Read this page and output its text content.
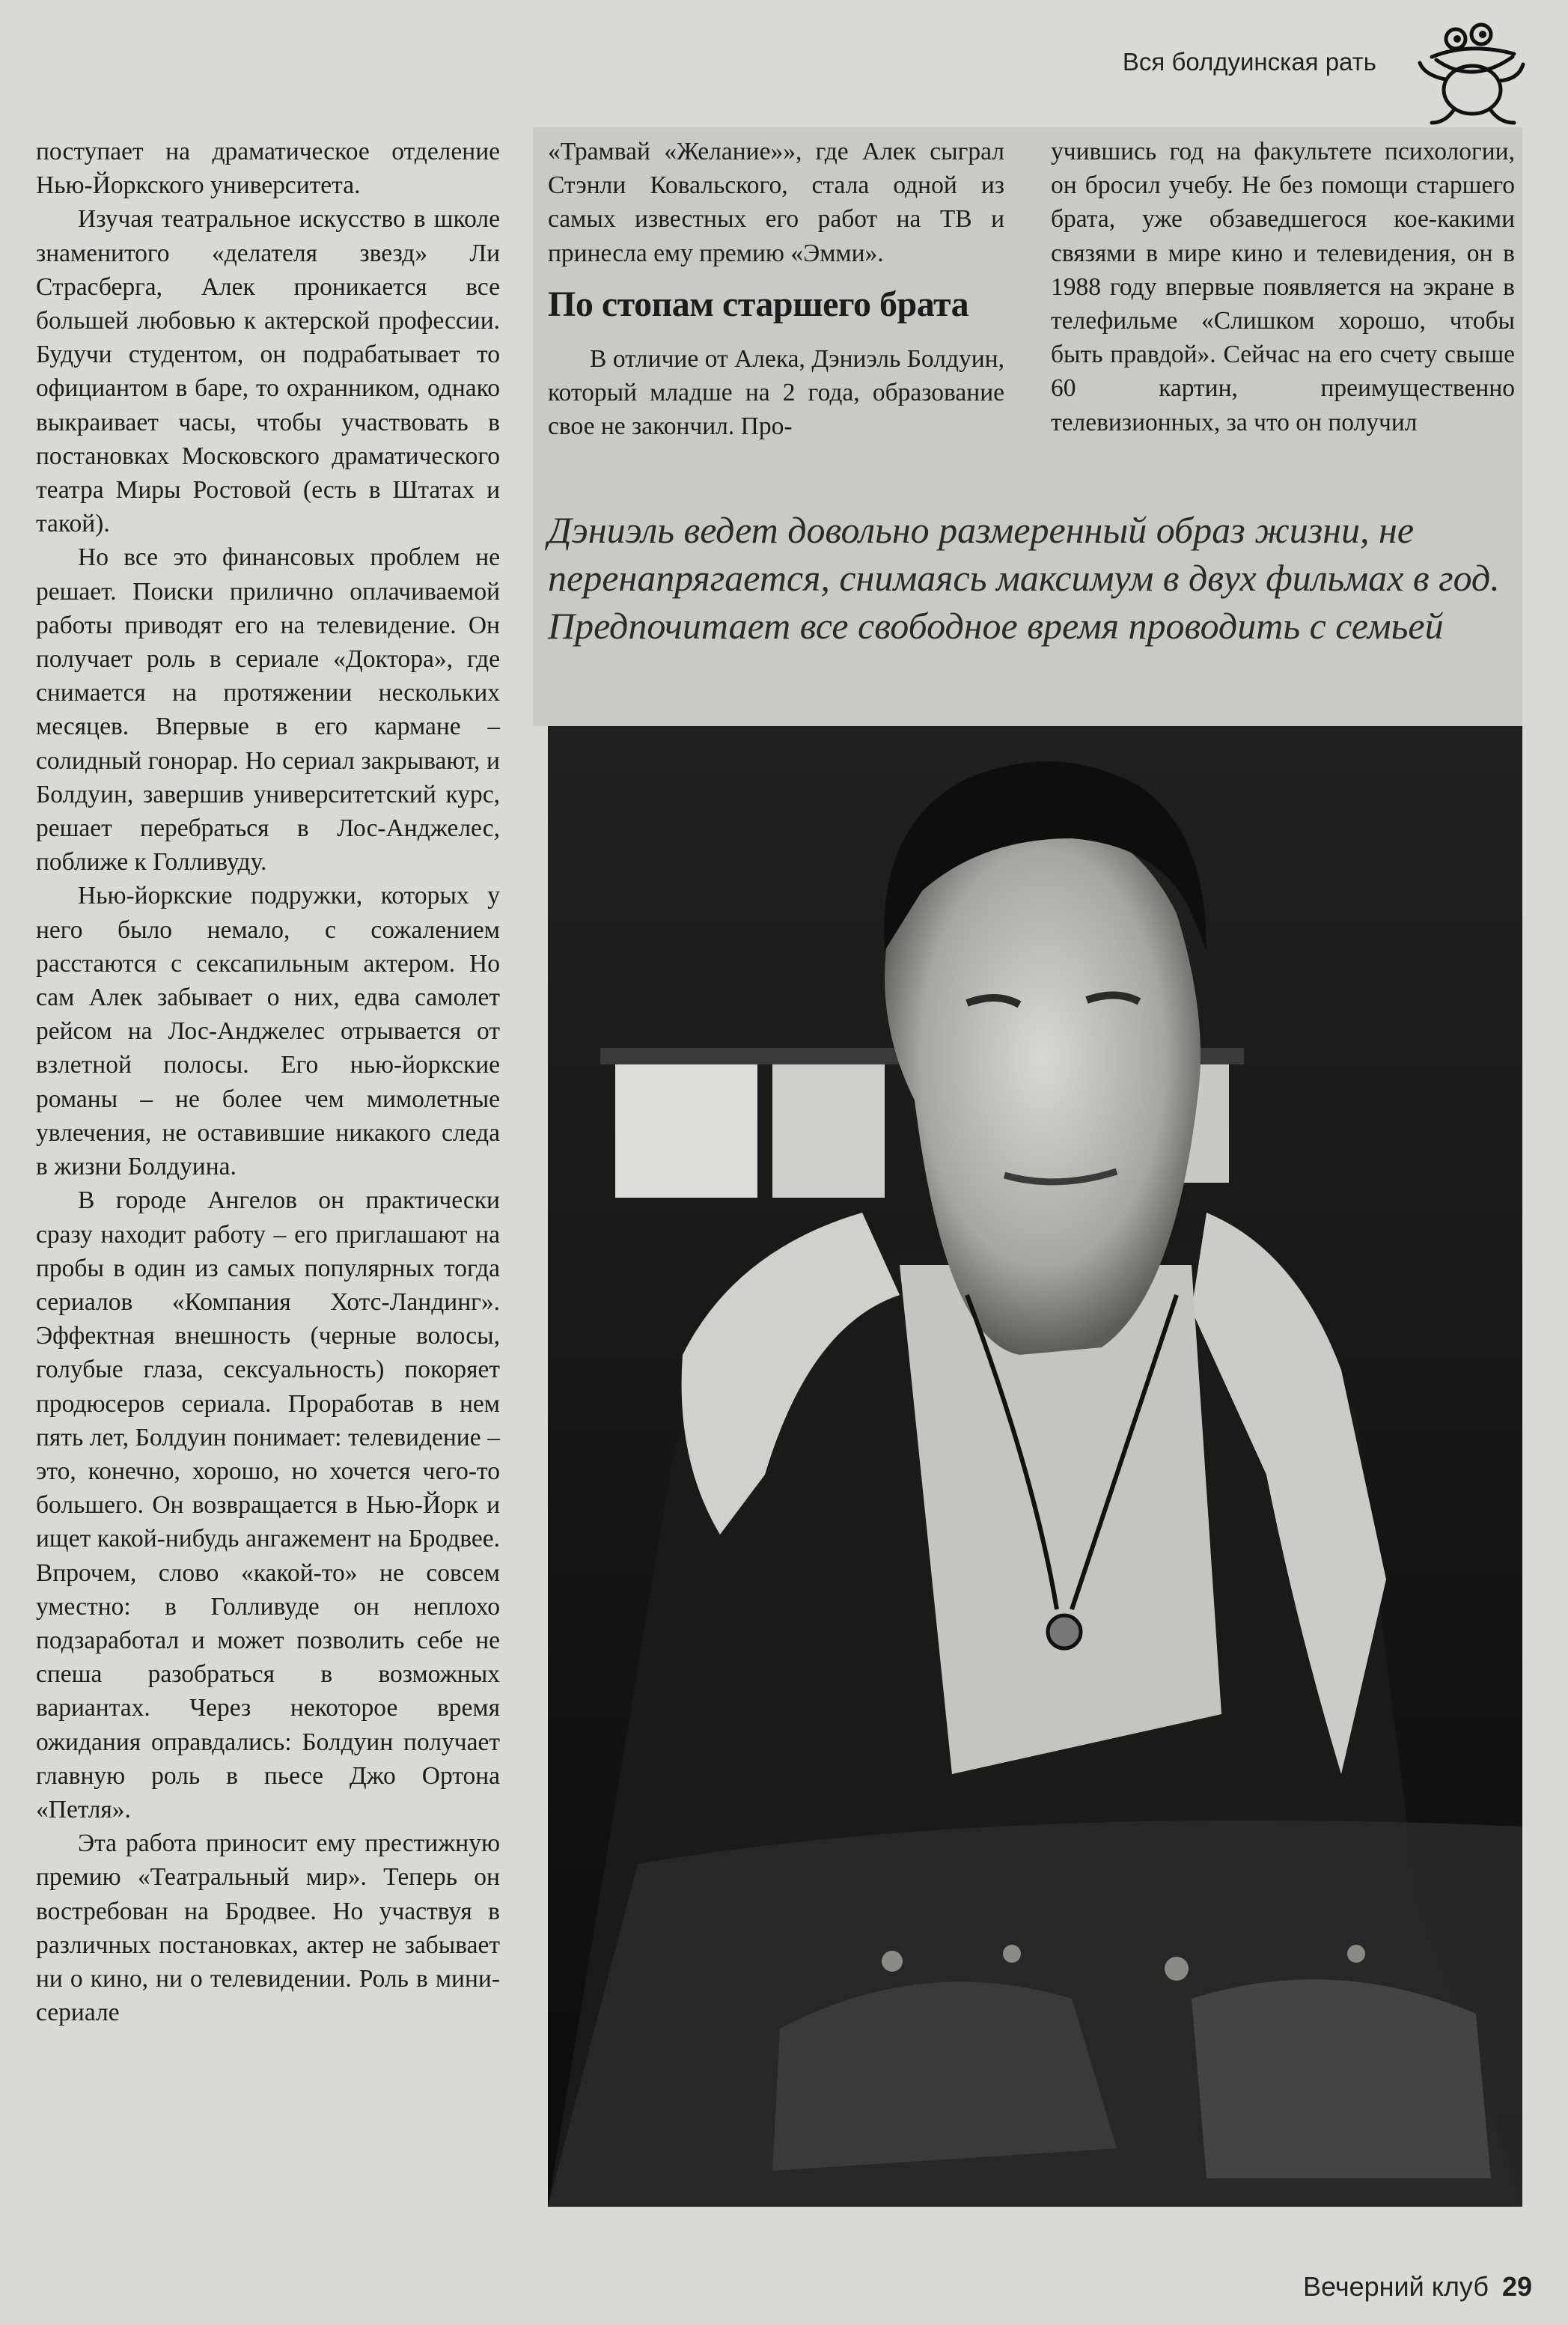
Вся болдуинская рать

поступает на драматическое отделение Нью-Йоркского университета.

Изучая театральное искусство в школе знаменитого «делателя звезд» Ли Страсберга, Алек проникается все большей любовью к актерской профессии. Будучи студентом, он подрабатывает то официантом в баре, то охранником, однако выкраивает часы, чтобы участвовать в постановках Московского драматического театра Миры Ростовой (есть в Штатах и такой).

Но все это финансовых проблем не решает. Поиски прилично оплачиваемой работы приводят его на телевидение. Он получает роль в сериале «Доктора», где снимается на протяжении нескольких месяцев. Впервые в его кармане – солидный гонорар. Но сериал закрывают, и Болдуин, завершив университетский курс, решает перебраться в Лос-Анджелес, поближе к Голливуду.

Нью-йоркские подружки, которых у него было немало, с сожалением расстаются с сексапильным актером. Но сам Алек забывает о них, едва самолет рейсом на Лос-Анджелес отрывается от взлетной полосы. Его нью-йоркские романы – не более чем мимолетные увлечения, не оставившие никакого следа в жизни Болдуина.

В городе Ангелов он практически сразу находит работу – его приглашают на пробы в один из самых популярных тогда сериалов «Компания Хотс-Ландинг». Эффектная внешность (черные волосы, голубые глаза, сексуальность) покоряет продюсеров сериала. Проработав в нем пять лет, Болдуин понимает: телевидение – это, конечно, хорошо, но хочется чего-то большего. Он возвращается в Нью-Йорк и ищет какой-нибудь ангажемент на Бродвее. Впрочем, слово «какой-то» не совсем уместно: в Голливуде он неплохо подзаработал и может позволить себе не спеша разобраться в возможных вариантах. Через некоторое время ожидания оправдались: Болдуин получает главную роль в пьесе Джо Ортона «Петля».

Эта работа приносит ему престижную премию «Театральный мир». Теперь он востребован на Бродвее. Но участвуя в различных постановках, актер не забывает ни о кино, ни о телевидении. Роль в мини-сериале

«Трамвай «Желание»», где Алек сыграл Стэнли Ковальского, стала одной из самых известных его работ на ТВ и принесла ему премию «Эмми».

По стопам старшего брата

В отличие от Алека, Дэниэль Болдуин, который младше на 2 года, образование свое не закончил. Про-

учившись год на факультете психологии, он бросил учебу. Не без помощи старшего брата, уже обзаведшегося кое-какими связями в мире кино и телевидения, он в 1988 году впервые появляется на экране в телефильме «Слишком хорошо, чтобы быть правдой». Сейчас на его счету свыше 60 картин, преимущественно телевизионных, за что он получил

Дэниэль ведет довольно размеренный образ жизни, не перенапрягается, снимаясь максимум в двух фильмах в год. Предпочитает все свободное время проводить с семьей
Вечерний клуб 29
